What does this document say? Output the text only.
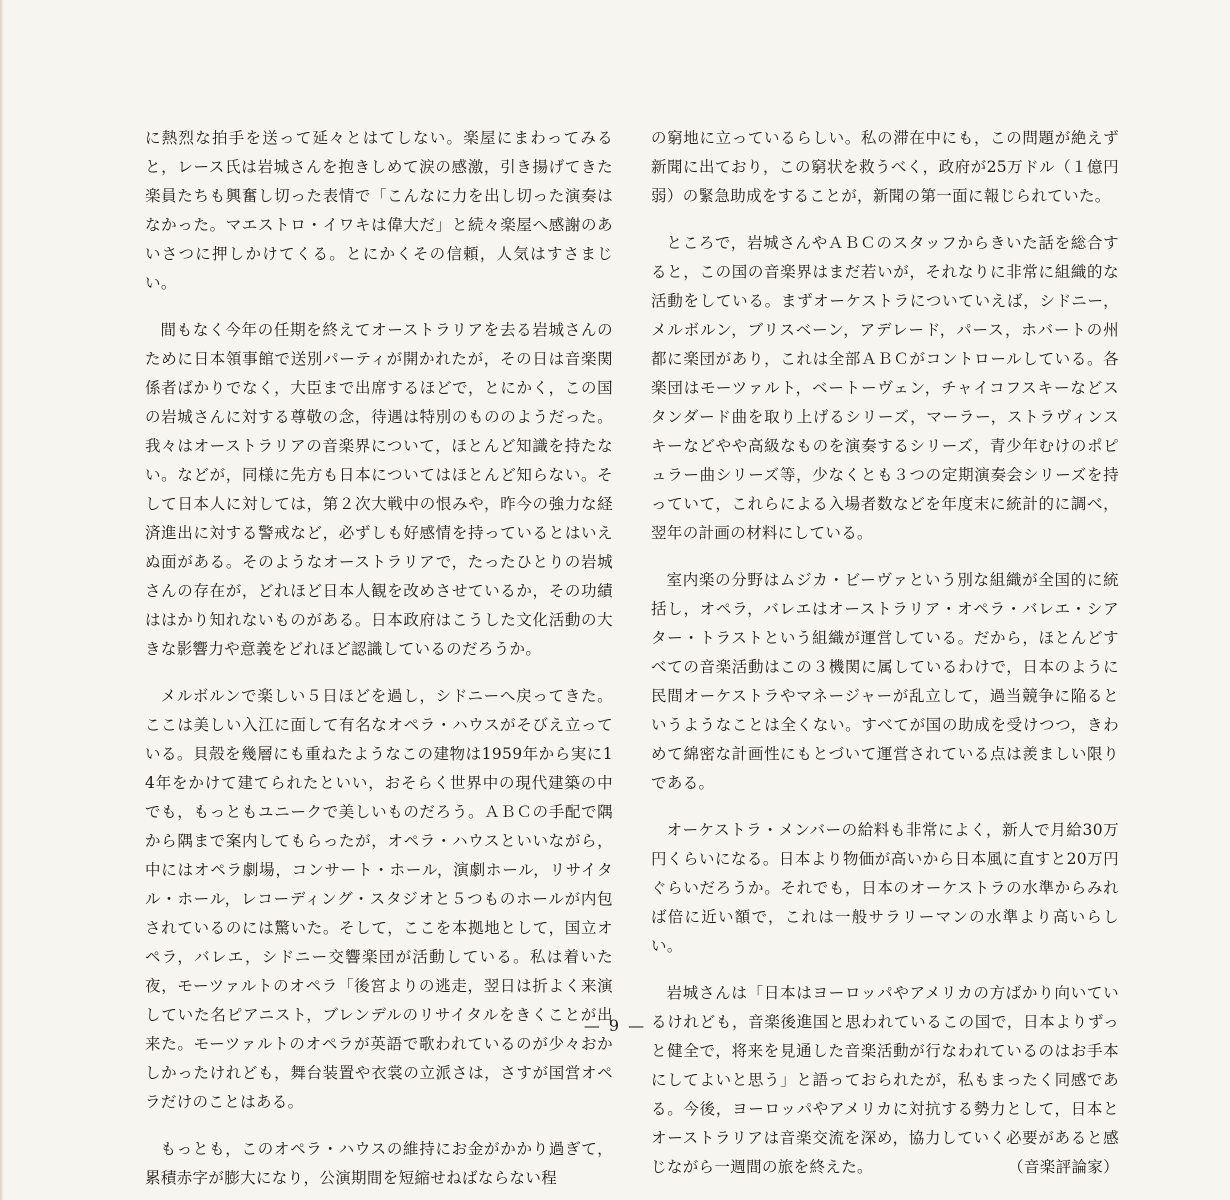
に熱烈な拍手を送って延々とはてしない。楽屋にまわってみると，レース氏は岩城さんを抱きしめて涙の感激，引き揚げてきた楽員たちも興奮し切った表情で「こんなに力を出し切った演奏はなかった。マエストロ・イワキは偉大だ」と続々楽屋へ感謝のあいさつに押しかけてくる。とにかくその信頼，人気はすさまじい。

間もなく今年の任期を終えてオーストラリアを去る岩城さんのために日本領事館で送別パーティが開かれたが，その日は音楽関係者ばかりでなく，大臣まで出席するほどで，とにかく，この国の岩城さんに対する尊敬の念，待遇は特別のもののようだった。我々はオーストラリアの音楽界について，ほとんど知識を持たない。などが，同様に先方も日本についてはほとんど知らない。そして日本人に対しては，第２次大戦中の恨みや，昨今の強力な経済進出に対する警戒など，必ずしも好感情を持っているとはいえぬ面がある。そのようなオーストラリアで，たったひとりの岩城さんの存在が，どれほど日本人観を改めさせているか，その功績ははかり知れないものがある。日本政府はこうした文化活動の大きな影響力や意義をどれほど認識しているのだろうか。

メルボルンで楽しい５日ほどを過し，シドニーへ戻ってきた。ここは美しい入江に面して有名なオペラ・ハウスがそびえ立っている。貝殻を幾層にも重ねたようなこの建物は1959年から実に14年をかけて建てられたといい，おそらく世界中の現代建築の中でも，もっともユニークで美しいものだろう。ＡＢＣの手配で隅から隅まで案内してもらったが，オペラ・ハウスといいながら，中にはオペラ劇場，コンサート・ホール，演劇ホール，リサイタル・ホール，レコーディング・スタジオと５つものホールが内包されているのには驚いた。そして，ここを本拠地として，国立オペラ，バレエ，シドニー交響楽団が活動している。私は着いた夜，モーツァルトのオペラ「後宮よりの逃走，翌日は折よく来演していた名ピアニスト，ブレンデルのリサイタルをきくことが出来た。モーツァルトのオペラが英語で歌われているのが少々おかしかったけれども，舞台装置や衣裳の立派さは，さすが国営オペラだけのことはある。

もっとも，このオペラ・ハウスの維持にお金がかかり過ぎて，累積赤字が膨大になり，公演期間を短縮せねばならない程

の窮地に立っているらしい。私の滞在中にも，この問題が絶えず新聞に出ており，この窮状を救うべく，政府が25万ドル（１億円弱）の緊急助成をすることが，新聞の第一面に報じられていた。

ところで，岩城さんやＡＢＣのスタッフからきいた話を総合すると，この国の音楽界はまだ若いが，それなりに非常に組織的な活動をしている。まずオーケストラについていえば，シドニー，メルボルン，ブリスベーン，アデレード，パース，ホバートの州都に楽団があり，これは全部ＡＢＣがコントロールしている。各楽団はモーツァルト，ベートーヴェン，チャイコフスキーなどスタンダード曲を取り上げるシリーズ，マーラー，ストラヴィンスキーなどやや高級なものを演奏するシリーズ，青少年むけのポピュラー曲シリーズ等，少なくとも３つの定期演奏会シリーズを持っていて，これらによる入場者数などを年度末に統計的に調べ，翌年の計画の材料にしている。

室内楽の分野はムジカ・ビーヴァという別な組織が全国的に統括し，オペラ，バレエはオーストラリア・オペラ・バレエ・シアター・トラストという組織が運営している。だから，ほとんどすべての音楽活動はこの３機関に属しているわけで，日本のように民間オーケストラやマネージャーが乱立して，過当競争に陥るというようなことは全くない。すべてが国の助成を受けつつ，きわめて綿密な計画性にもとづいて運営されている点は羨ましい限りである。

オーケストラ・メンバーの給料も非常によく，新人で月給30万円くらいになる。日本より物価が高いから日本風に直すと20万円ぐらいだろうか。それでも，日本のオーケストラの水準からみれば倍に近い額で，これは一般サラリーマンの水準より高いらしい。

岩城さんは「日本はヨーロッパやアメリカの方ばかり向いているけれども，音楽後進国と思われているこの国で，日本よりずっと健全で，将来を見通した音楽活動が行なわれているのはお手本にしてよいと思う」と語っておられたが，私もまったく同感である。今後，ヨーロッパやアメリカに対抗する勢力として，日本とオーストラリアは音楽交流を深め，協力していく必要があると感じながら一週間の旅を終えた。	（音楽評論家）

— 9 —
